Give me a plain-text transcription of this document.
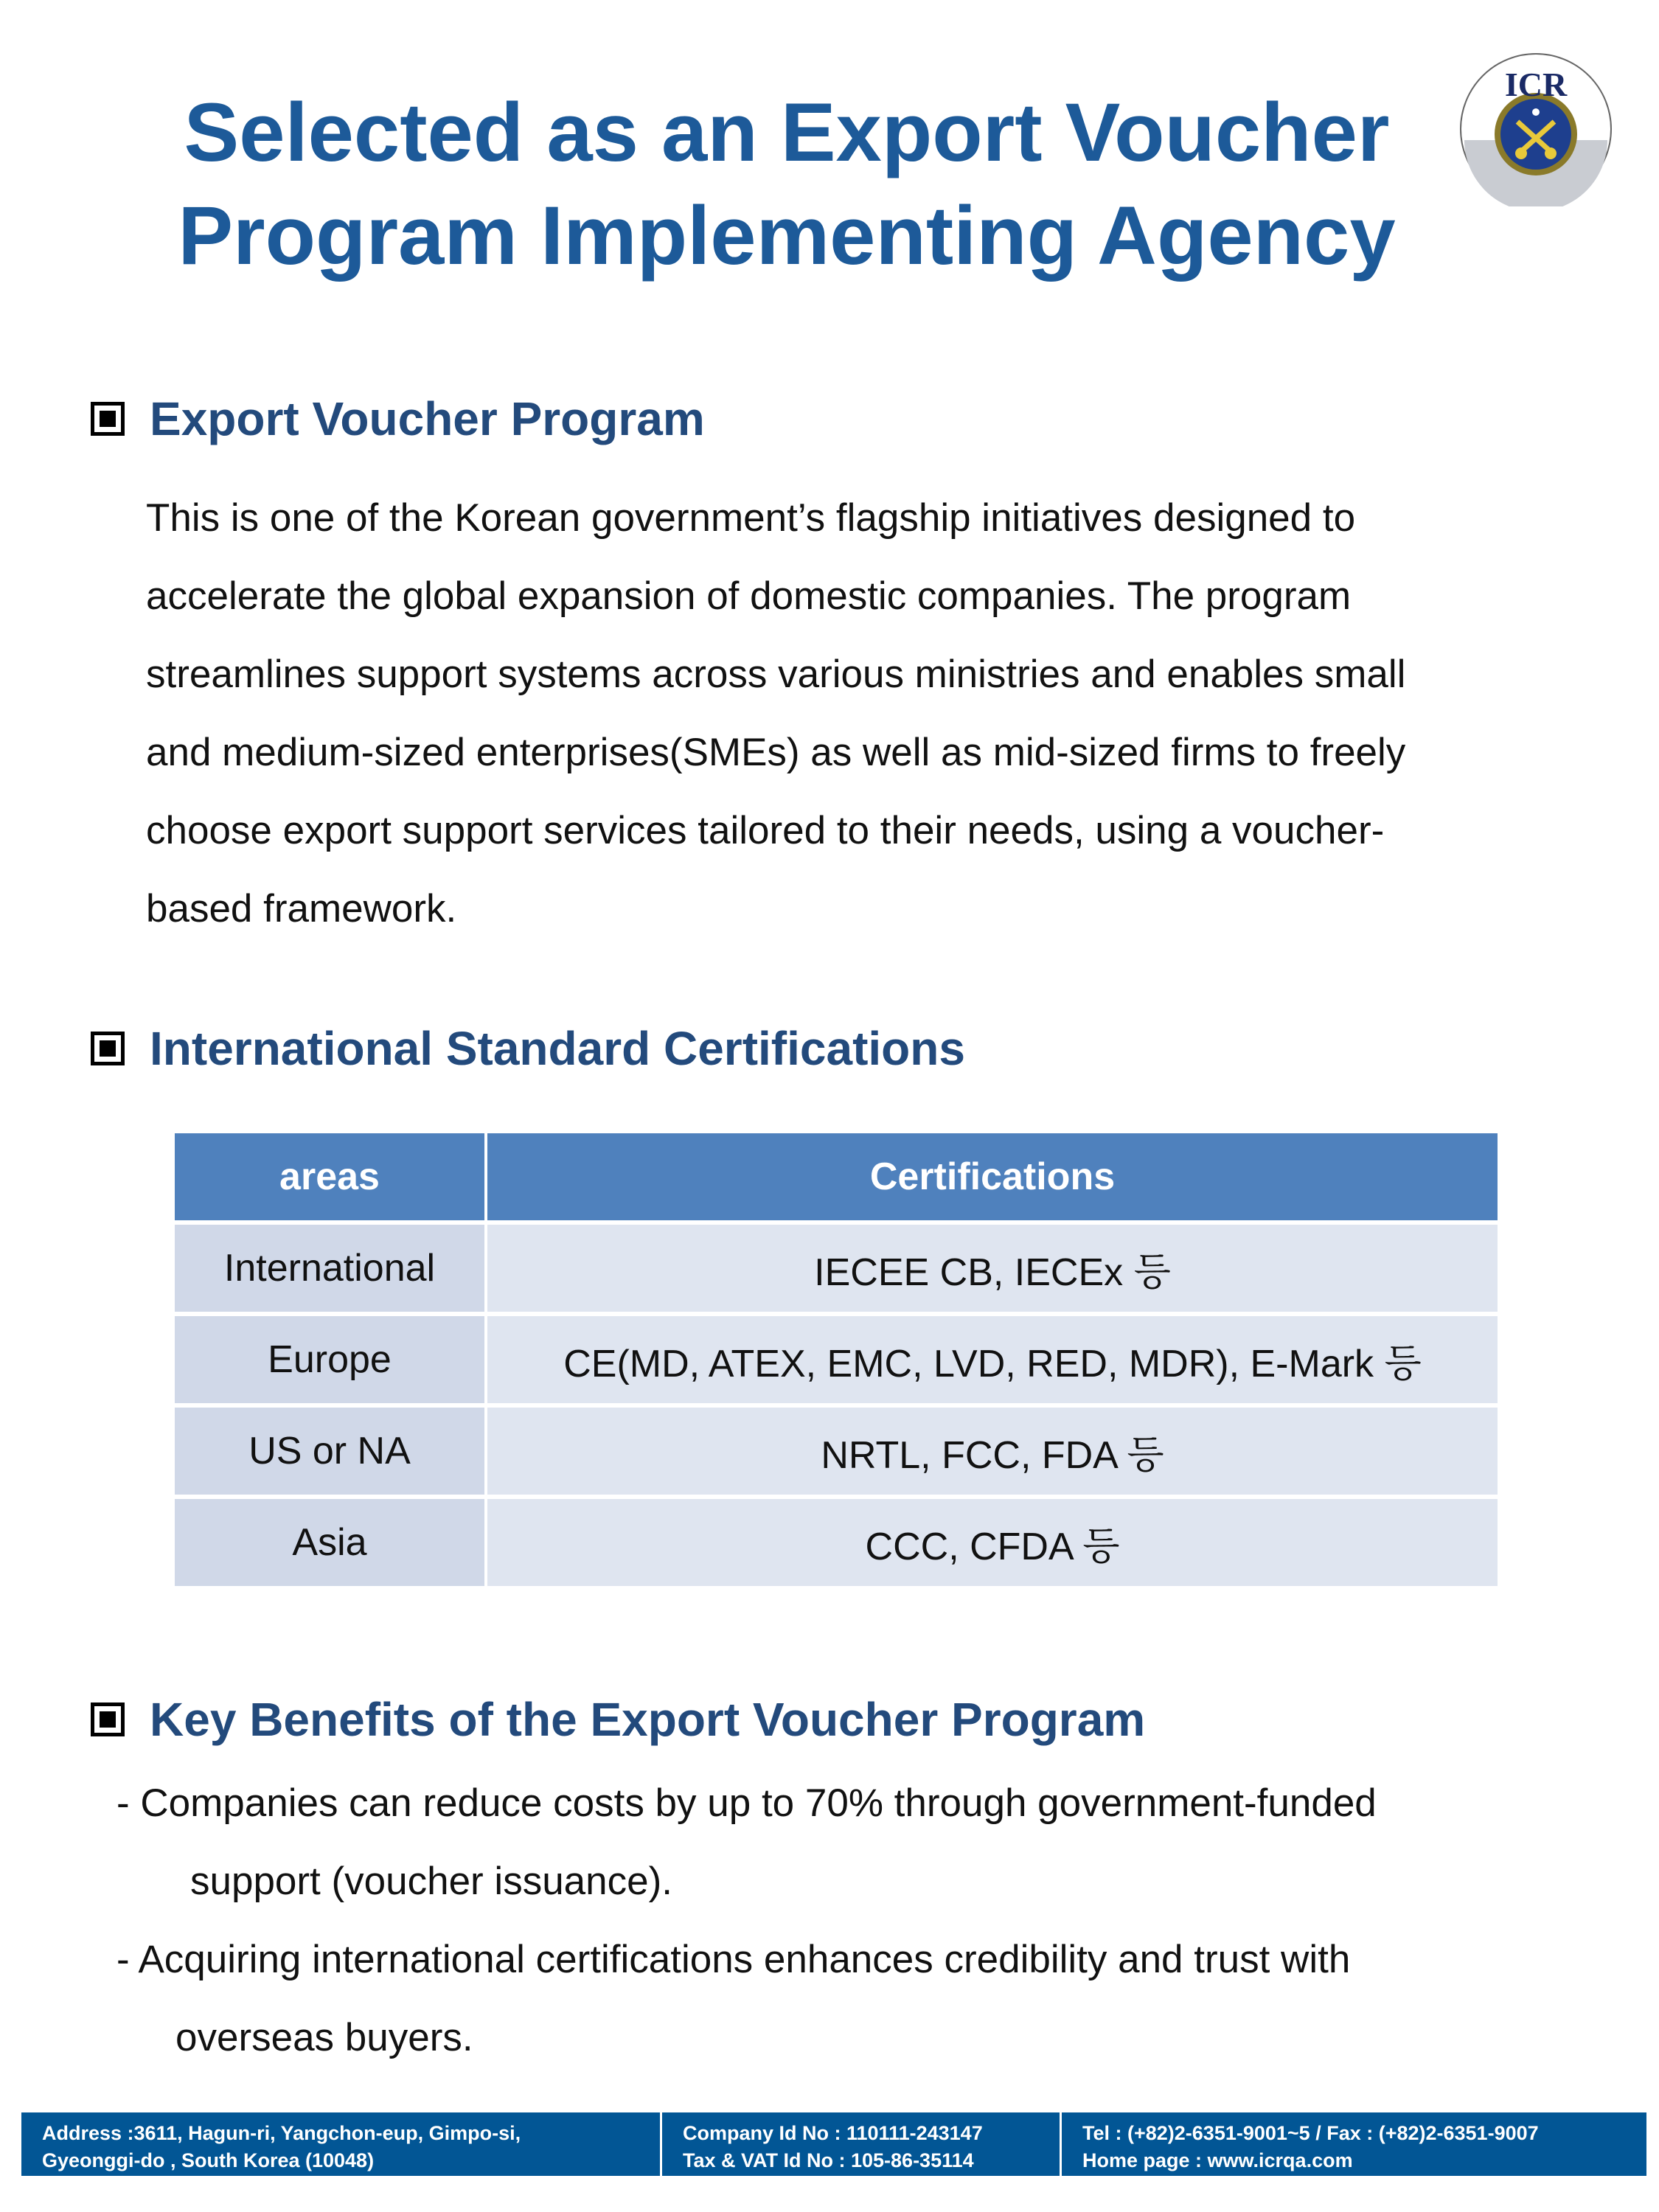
Selected as an Export Voucher
Program Implementing Agency
ICR
Export Voucher Program
This is one of the Korean government’s flagship initiatives designed to
accelerate the global expansion of domestic companies. The program
streamlines support systems across various ministries and enables small
and medium-sized enterprises(SMEs) as well as mid-sized firms to freely
choose export support services tailored to their needs, using a voucher-
based framework.
International Standard Certifications
areas	Certifications
International	IECEE CB, IECEx 등
Europe	CE(MD, ATEX, EMC, LVD, RED, MDR), E-Mark 등
US or NA	NRTL, FCC, FDA 등
Asia	CCC, CFDA 등
Key Benefits of the Export Voucher Program
- Companies can reduce costs by up to 70% through government-funded
support (voucher issuance).
- Acquiring international certifications enhances credibility and trust with
overseas buyers.
Address :3611, Hagun-ri, Yangchon-eup, Gimpo-si,
Gyeonggi-do , South Korea (10048)
Company Id No : 110111-243147
Tax & VAT Id No : 105-86-35114
Tel : (+82)2-6351-9001~5 / Fax : (+82)2-6351-9007
Home page : www.icrqa.com
